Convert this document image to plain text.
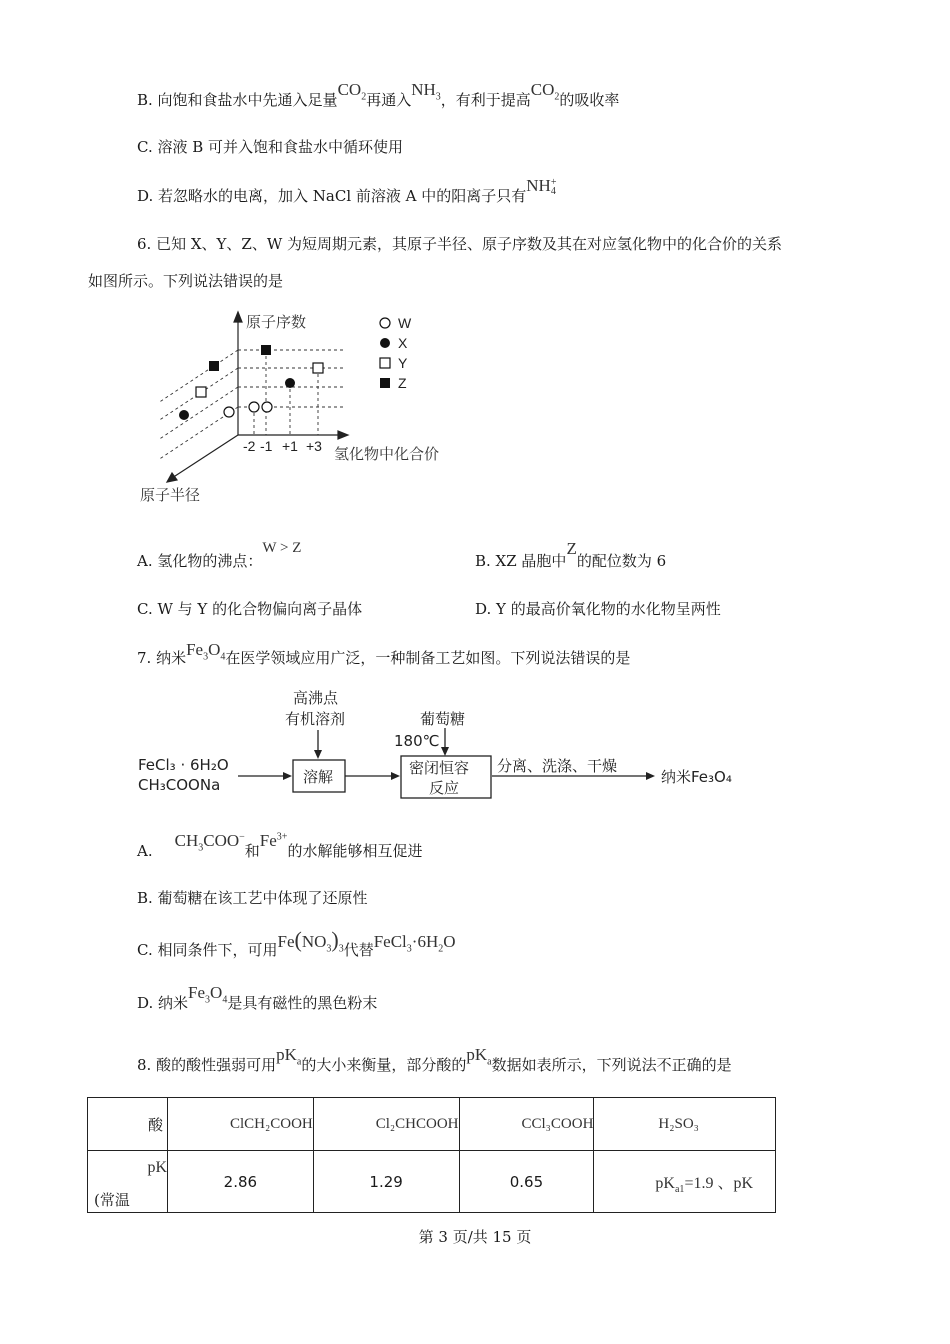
B. 向饱和食盐水中先通入足量$CO_2$再通入$NH_3$，有利于提高$CO_2$的吸收率
C. 溶液 B 可并入饱和食盐水中循环使用
D. 若忽略水的电离，加入 NaCl 前溶液 A 中的阳离子只有NH+
4
6. 已知 X、Y、Z、W 为短周期元素，其原子半径、原子序数及其在对应氢化物中的化合价的关系
如图所示。下列说法错误的是
原子序数
氢化物中化合价
原子半径
-2 -1 +1 +3
W
X
Y
Z
A. 氢化物的沸点：W > Z
B. XZ 晶胞中Z的配位数为 6
C. W 与 Y 的化合物偏向离子晶体	D. Y 的最高价氧化物的水化物呈两性
7. 纳米$Fe_3O_4$在医学领域应用广泛，一种制备工艺如图。下列说法错误的是
高沸点
有机溶剂	葡萄糖
180℃
FeCl₃ · 6H₂O
CH₃COONa	溶解	密闭恒容
反应
分离、洗涤、干燥
纳米Fe₃O₄
$A.CH_3COO^-$和$Fe^{3+}$的水解能够相互促进
B. 葡萄糖在该工艺中体现了还原性
C. 相同条件下，可用$Fe(NO_3)_3$代替$FeCl_3\cdot 6H_2O$
D. 纳米$Fe_3O_4$是具有磁性的黑色粉末
8. 酸的酸性强弱可用$pK_a$的大小来衡量，部分酸的$pK_a$数据如表所示，下列说法不正确的是
酸	ClCH₂COOH	Cl₂CHCOOH	CCl₃COOH	H₂SO₃

pK
(常温	2.86	1.29	0.65	$pK_{a1}=1.9$ 、pK
第 3 页/共 15 页
